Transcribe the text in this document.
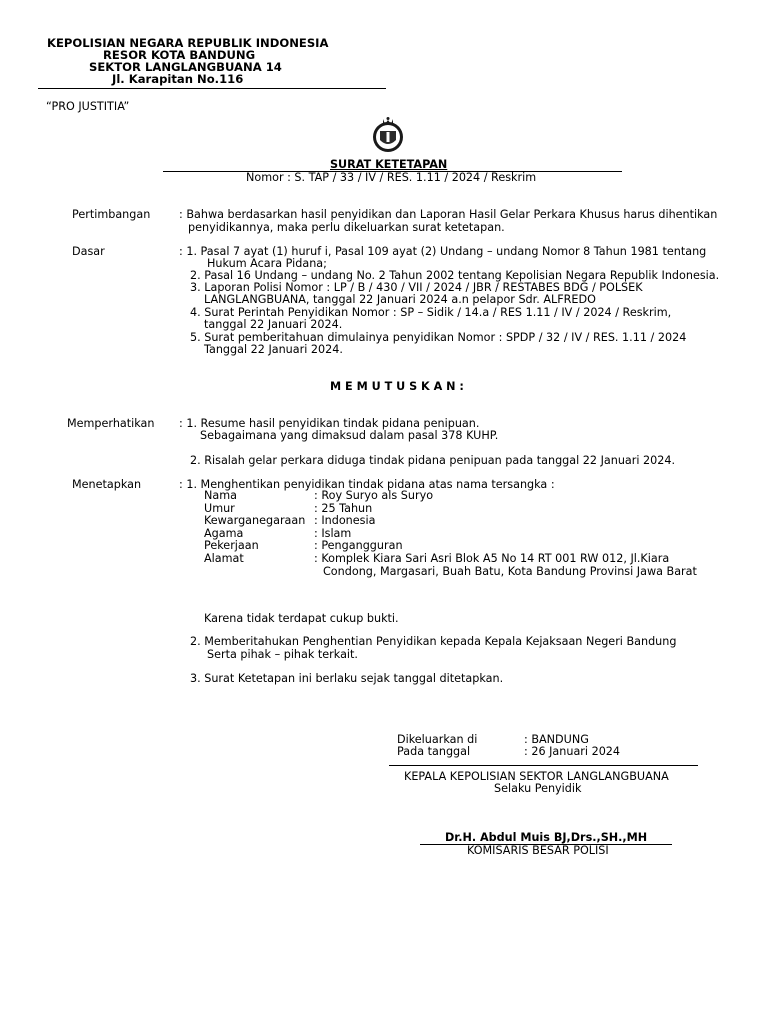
KEPOLISIAN NEGARA REPUBLIK INDONESIA
RESOR KOTA BANDUNG
SEKTOR LANGLANGBUANA 14
Jl. Karapitan No.116
“PRO JUSTITIA”
SURAT KETETAPAN
Nomor : S. TAP / 33 / IV / RES. 1.11 / 2024 / Reskrim
Pertimbangan	: Bahwa berdasarkan hasil penyidikan dan Laporan Hasil Gelar Perkara Khusus harus dihentikan
penyidikannya, maka perlu dikeluarkan surat ketetapan.
Dasar	: 1. Pasal 7 ayat (1) huruf i, Pasal 109 ayat (2) Undang – undang Nomor 8 Tahun 1981 tentang
Hukum Acara Pidana;
2. Pasal 16 Undang – undang No. 2 Tahun 2002 tentang Kepolisian Negara Republik Indonesia.
3. Laporan Polisi Nomor : LP / B / 430 / VII / 2024 / JBR / RESTABES BDG / POLSEK
LANGLANGBUANA, tanggal 22 Januari 2024 a.n pelapor Sdr. ALFREDO
4. Surat Perintah Penyidikan Nomor : SP – Sidik / 14.a / RES 1.11 / IV / 2024 / Reskrim,
tanggal 22 Januari 2024.
5. Surat pemberitahuan dimulainya penyidikan Nomor : SPDP / 32 / IV / RES. 1.11 / 2024
Tanggal 22 Januari 2024.
M E M U T U S K A N :
Memperhatikan : 1. Resume hasil penyidikan tindak pidana penipuan.
Sebagaimana yang dimaksud dalam pasal 378 KUHP.
2. Risalah gelar perkara diduga tindak pidana penipuan pada tanggal 22 Januari 2024.
Menetapkan	: 1. Menghentikan penyidikan tindak pidana atas nama tersangka :
Nama	: Roy Suryo als Suryo
Umur	: 25 Tahun
Kewarganegaraan : Indonesia
Agama	: Islam
Pekerjaan	: Pengangguran
Alamat	: Komplek Kiara Sari Asri Blok A5 No 14 RT 001 RW 012, Jl.Kiara
Condong, Margasari, Buah Batu, Kota Bandung Provinsi Jawa Barat
Karena tidak terdapat cukup bukti.
2. Memberitahukan Penghentian Penyidikan kepada Kepala Kejaksaan Negeri Bandung
Serta pihak – pihak terkait.
3. Surat Ketetapan ini berlaku sejak tanggal ditetapkan.
Dikeluarkan di	: BANDUNG
Pada tanggal	: 26 Januari 2024
KEPALA KEPOLISIAN SEKTOR LANGLANGBUANA
Selaku Penyidik
Dr.H. Abdul Muis BJ,Drs.,SH.,MH
KOMISARIS BESAR POLISI
